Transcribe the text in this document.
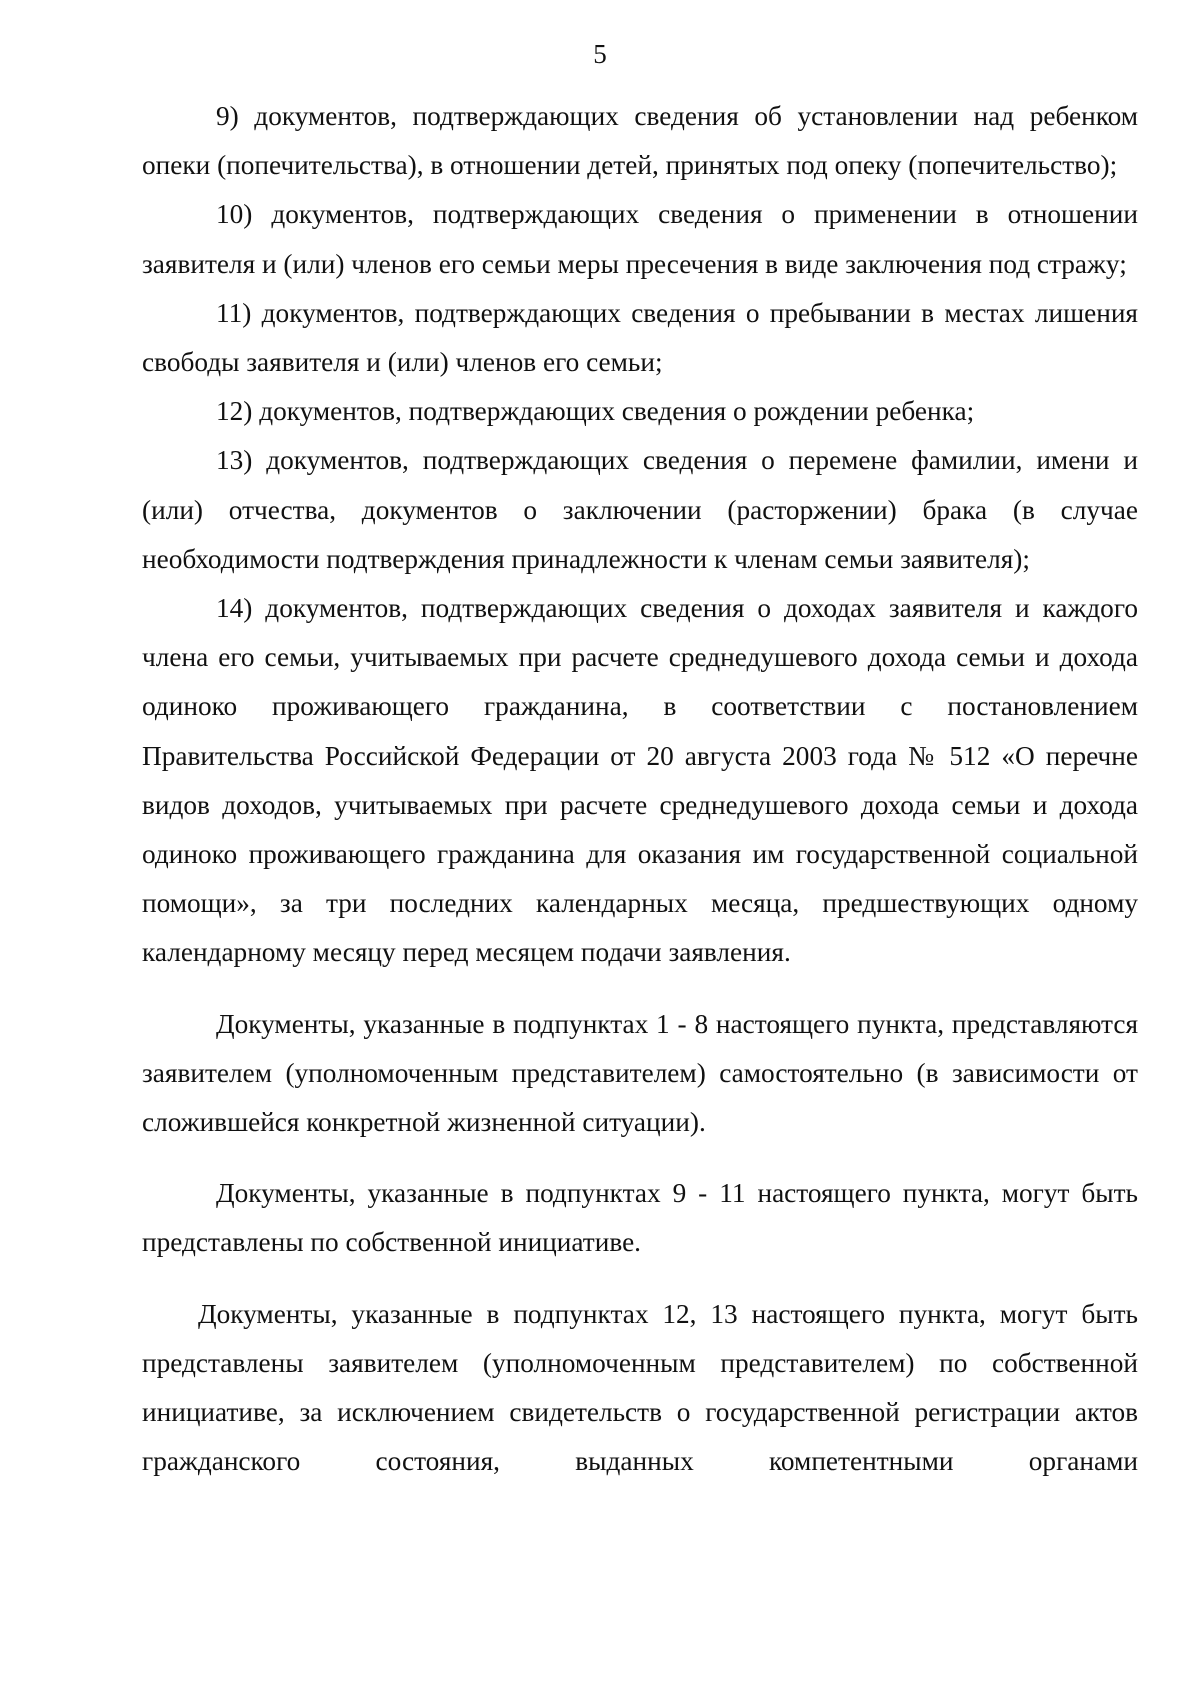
5

9) документов, подтверждающих сведения об установлении над ребенком опеки (попечительства), в отношении детей, принятых под опеку (попечительство);

10) документов, подтверждающих сведения о применении в отношении заявителя и (или) членов его семьи меры пресечения в виде заключения под стражу;

11) документов, подтверждающих сведения о пребывании в местах лишения свободы заявителя и (или) членов его семьи;

12) документов, подтверждающих сведения о рождении ребенка;

13) документов, подтверждающих сведения о перемене фамилии, имени и (или) отчества, документов о заключении (расторжении) брака (в случае необходимости подтверждения принадлежности к членам семьи заявителя);

14) документов, подтверждающих сведения о доходах заявителя и каждого члена его семьи, учитываемых при расчете среднедушевого дохода семьи и дохода одиноко проживающего гражданина, в соответствии с постановлением Правительства Российской Федерации от 20 августа 2003 года № 512 «О перечне видов доходов, учитываемых при расчете среднедушевого дохода семьи и дохода одиноко проживающего гражданина для оказания им государственной социальной помощи», за три последних календарных месяца, предшествующих одному календарному месяцу перед месяцем подачи заявления.

Документы, указанные в подпунктах 1 - 8 настоящего пункта, представляются заявителем (уполномоченным представителем) самостоятельно (в зависимости от сложившейся конкретной жизненной ситуации).

Документы, указанные в подпунктах 9 - 11 настоящего пункта, могут быть представлены по собственной инициативе.

Документы, указанные в подпунктах 12, 13 настоящего пункта, могут быть представлены заявителем (уполномоченным представителем) по собственной инициативе, за исключением свидетельств о государственной регистрации актов гражданского состояния, выданных компетентными органами
